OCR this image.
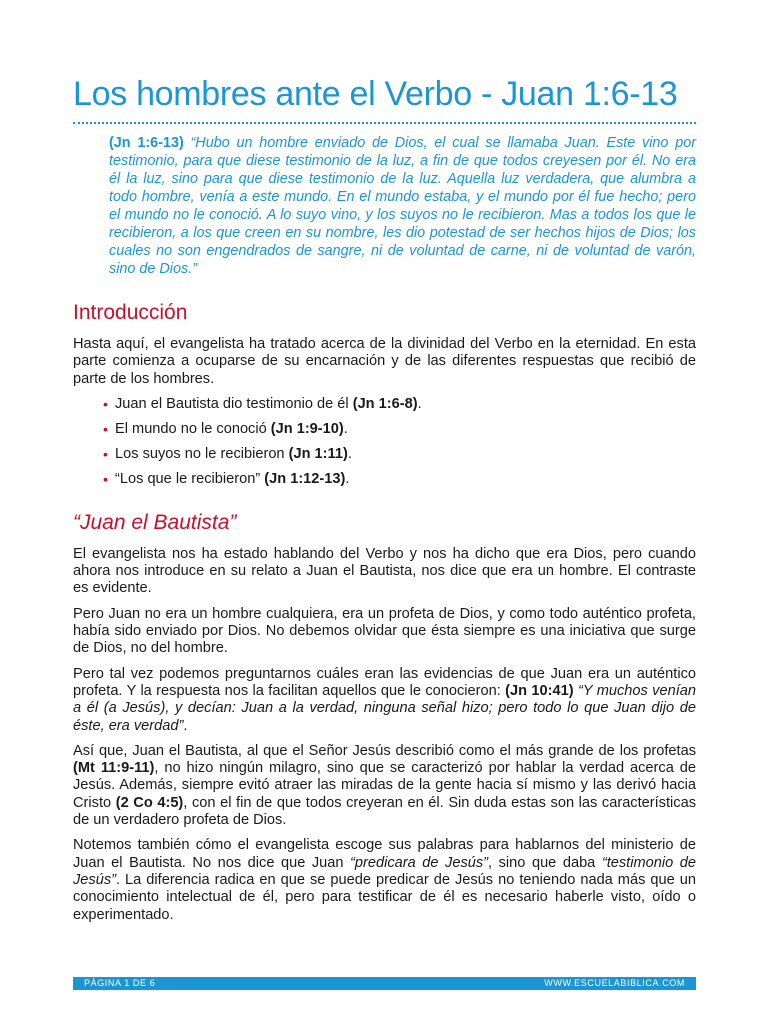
Los hombres ante el Verbo - Juan 1:6-13
(Jn 1:6-13) “Hubo un hombre enviado de Dios, el cual se llamaba Juan. Este vino por testimonio, para que diese testimonio de la luz, a fin de que todos creyesen por él. No era él la luz, sino para que diese testimonio de la luz. Aquella luz verdadera, que alumbra a todo hombre, venía a este mundo. En el mundo estaba, y el mundo por él fue hecho; pero el mundo no le conoció. A lo suyo vino, y los suyos no le recibieron. Mas a todos los que le recibieron, a los que creen en su nombre, les dio potestad de ser hechos hijos de Dios; los cuales no son engendrados de sangre, ni de voluntad de carne, ni de voluntad de varón, sino de Dios.”
Introducción

Hasta aquí, el evangelista ha tratado acerca de la divinidad del Verbo en la eternidad. En esta parte comienza a ocuparse de su encarnación y de las diferentes respuestas que recibió de parte de los hombres.

• Juan el Bautista dio testimonio de él (Jn 1:6-8).
• El mundo no le conoció (Jn 1:9-10).
• Los suyos no le recibieron (Jn 1:11).
• “Los que le recibieron” (Jn 1:12-13).
“Juan el Bautista”

El evangelista nos ha estado hablando del Verbo y nos ha dicho que era Dios, pero cuando ahora nos introduce en su relato a Juan el Bautista, nos dice que era un hombre. El contraste es evidente.

Pero Juan no era un hombre cualquiera, era un profeta de Dios, y como todo auténtico profeta, había sido enviado por Dios. No debemos olvidar que ésta siempre es una iniciativa que surge de Dios, no del hombre.

Pero tal vez podemos preguntarnos cuáles eran las evidencias de que Juan era un auténtico profeta. Y la respuesta nos la facilitan aquellos que le conocieron: (Jn 10:41) “Y muchos venían a él (a Jesús), y decían: Juan a la verdad, ninguna señal hizo; pero todo lo que Juan dijo de éste, era verdad”.

Así que, Juan el Bautista, al que el Señor Jesús describió como el más grande de los profetas (Mt 11:9-11), no hizo ningún milagro, sino que se caracterizó por hablar la verdad acerca de Jesús. Además, siempre evitó atraer las miradas de la gente hacia sí mismo y las derivó hacia Cristo (2 Co 4:5), con el fin de que todos creyeran en él. Sin duda estas son las características de un verdadero profeta de Dios.

Notemos también cómo el evangelista escoge sus palabras para hablarnos del ministerio de Juan el Bautista. No nos dice que Juan “predicara de Jesús”, sino que daba “testimonio de Jesús”. La diferencia radica en que se puede predicar de Jesús no teniendo nada más que un conocimiento intelectual de él, pero para testificar de él es necesario haberle visto, oído o experimentado.

PÁGINA 1 DE 6	WWW.ESCUELABIBLICA.COM
